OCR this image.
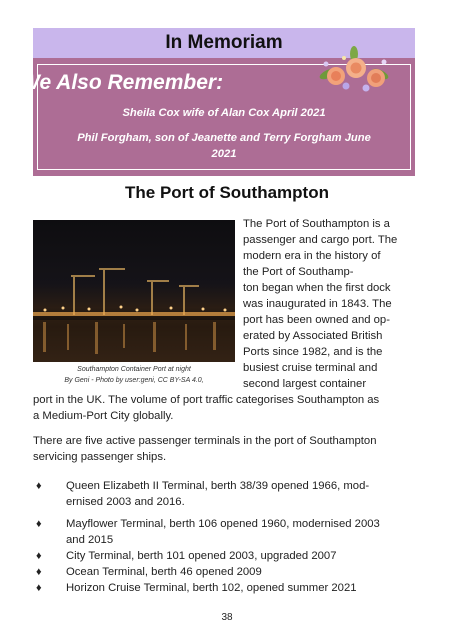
In Memoriam
We Also Remember:
Sheila Cox wife of Alan Cox April 2021
Phil Forgham, son of Jeanette and Terry Forgham June
2021
The Port of Southampton
Southampton Container Port at night
By Geni - Photo by user:geni, CC BY-SA 4.0,
The Port of Southampton is a
passenger and cargo port. The
modern era in the history of
the Port of Southamp-
ton began when the first dock
was inaugurated in 1843. The
port has been owned and op-
erated by Associated British
Ports since 1982, and is the
busiest cruise terminal and
second largest container
port in the UK. The volume of port traffic categorises Southampton as
a Medium-Port City globally.
There are five active passenger terminals in the port of Southampton
servicing passenger ships.
♦ Queen Elizabeth II Terminal, berth 38/39 opened 1966, mod-
ernised 2003 and 2016.
♦ Mayflower Terminal, berth 106 opened 1960, modernised 2003
and 2015
♦ City Terminal, berth 101 opened 2003, upgraded 2007
♦ Ocean Terminal, berth 46 opened 2009
♦ Horizon Cruise Terminal, berth 102, opened summer 2021
38
